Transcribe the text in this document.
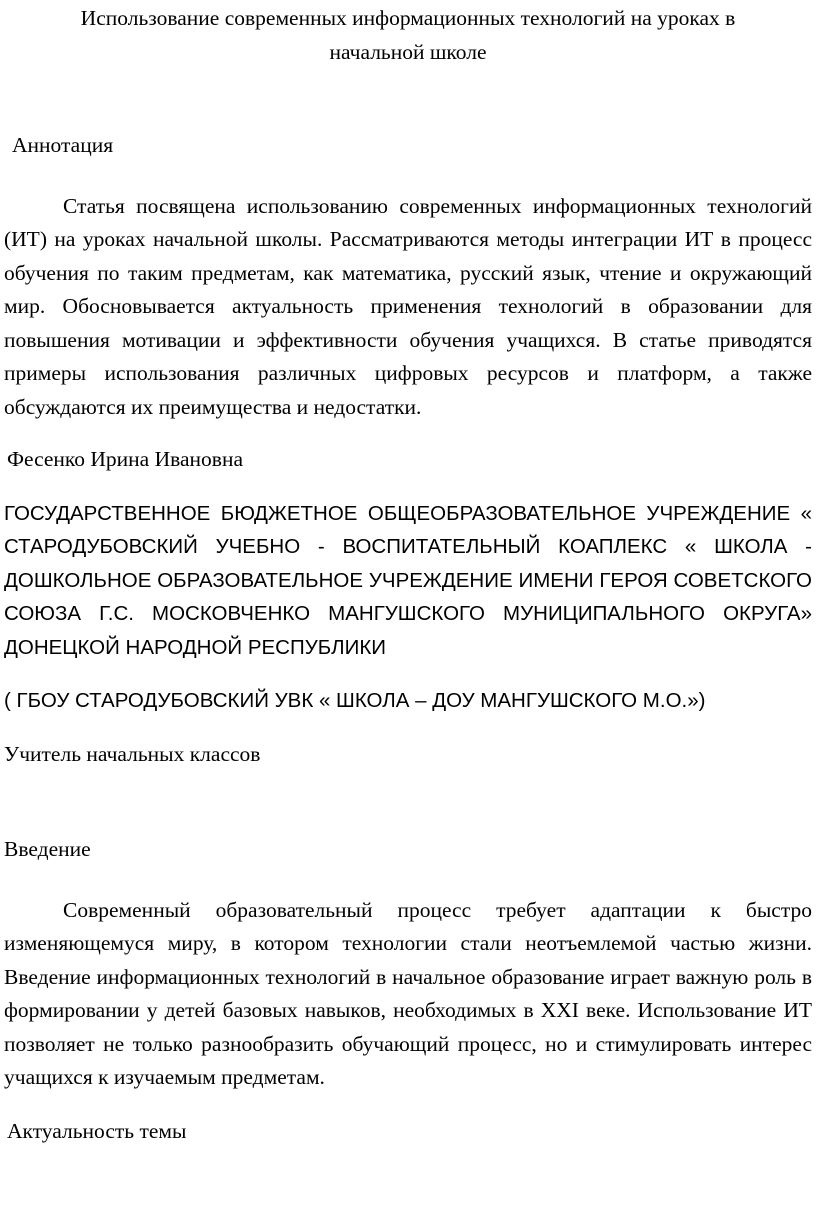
Использование современных информационных технологий на уроках в начальной школе
Аннотация

Статья посвящена использованию современных информационных технологий (ИТ) на уроках начальной школы. Рассматриваются методы интеграции ИТ в процесс обучения по таким предметам, как математика, русский язык, чтение и окружающий мир. Обосновывается актуальность применения технологий в образовании для повышения мотивации и эффективности обучения учащихся. В статье приводятся примеры использования различных цифровых ресурсов и платформ, а также обсуждаются их преимущества и недостатки.

Фесенко Ирина Ивановна

ГОСУДАРСТВЕННОЕ БЮДЖЕТНОЕ ОБЩЕОБРАЗОВАТЕЛЬНОЕ УЧРЕЖДЕНИЕ « СТАРОДУБОВСКИЙ УЧЕБНО - ВОСПИТАТЕЛЬНЫЙ КОАПЛЕКС « ШКОЛА - ДОШКОЛЬНОЕ ОБРАЗОВАТЕЛЬНОЕ УЧРЕЖДЕНИЕ ИМЕНИ ГЕРОЯ СОВЕТСКОГО СОЮЗА Г.С. МОСКОВЧЕНКО МАНГУШСКОГО МУНИЦИПАЛЬНОГО ОКРУГА» ДОНЕЦКОЙ НАРОДНОЙ РЕСПУБЛИКИ

( ГБОУ СТАРОДУБОВСКИЙ УВК « ШКОЛА – ДОУ МАНГУШСКОГО М.О.»)

Учитель начальных классов

Введение

Современный образовательный процесс требует адаптации к быстро изменяющемуся миру, в котором технологии стали неотъемлемой частью жизни. Введение информационных технологий в начальное образование играет важную роль в формировании у детей базовых навыков, необходимых в XXI веке. Использование ИТ позволяет не только разнообразить обучающий процесс, но и стимулировать интерес учащихся к изучаемым предметам.

Актуальность темы
